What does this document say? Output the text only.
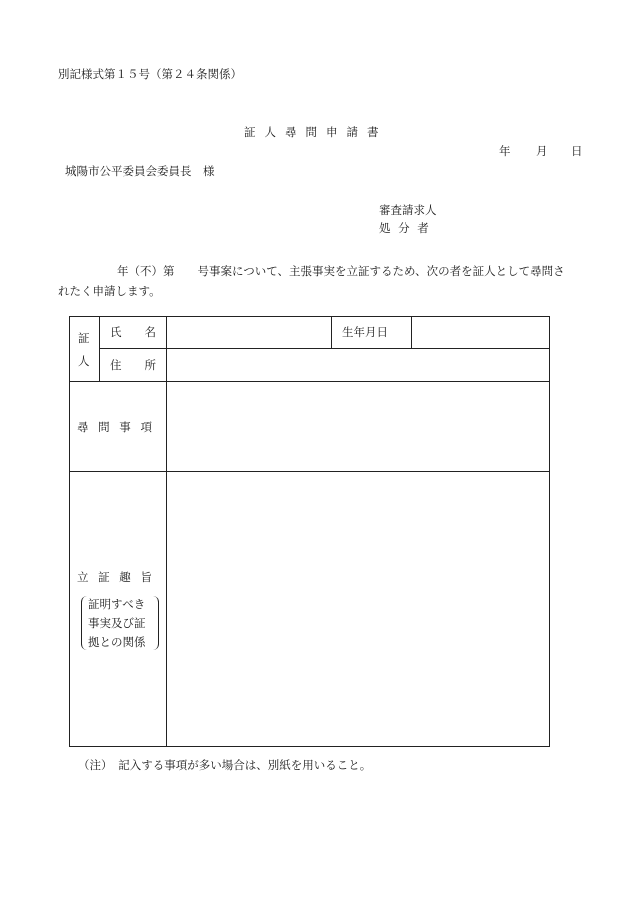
別記様式第１５号（第２４条関係）
証人尋問申請書
年 月 日
城陽市公平委員会委員長　様
審査請求人
処 分 者
年（不）第　　号事案について、主張事実を立証するため、次の者を証人として尋問さ
れたく申請します。
証
人
氏　　名	生年月日
住　　所
尋 問 事 項
立 証 趣 旨
証明すべき
事実及び証
拠との関係
（注）　記入する事項が多い場合は、別紙を用いること。
